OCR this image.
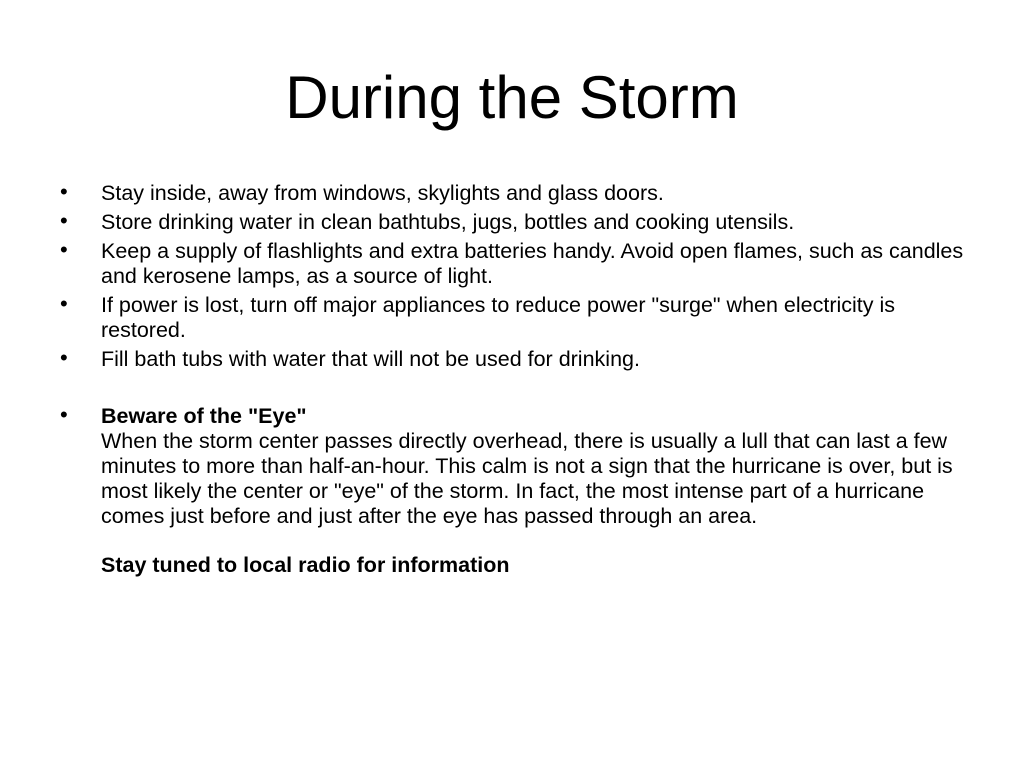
During the Storm
• Stay inside, away from windows, skylights and glass doors.
• Store drinking water in clean bathtubs, jugs, bottles and cooking utensils.
• Keep a supply of flashlights and extra batteries handy. Avoid open flames, such as candles and kerosene lamps, as a source of light.
• If power is lost, turn off major appliances to reduce power "surge" when electricity is restored.
• Fill bath tubs with water that will not be used for drinking.
• Beware of the "Eye"
When the storm center passes directly overhead, there is usually a lull that can last a few minutes to more than half-an-hour. This calm is not a sign that the hurricane is over, but is most likely the center or "eye" of the storm. In fact, the most intense part of a hurricane comes just before and just after the eye has passed through an area.
Stay tuned to local radio for information
